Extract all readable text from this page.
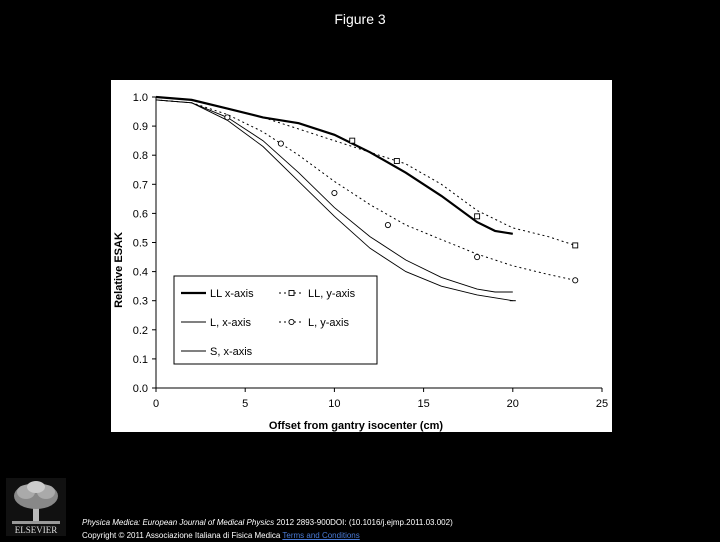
Figure 3
0	5	10	15	20	25
0.0
0.1
0.2
0.3
0.4
0.5
0.6
0.7
0.8
0.9
1.0
LL x-axis	LL, y-axis
L, x-axis	L, y-axis
S, x-axis
Offset from gantry isocenter (cm)
Relative ESAK
ELSEVIER
Physica Medica: European Journal of Medical Physics 2012 2893-900DOI: (10.1016/j.ejmp.2011.03.002)
Copyright © 2011 Associazione Italiana di Fisica Medica Terms and Conditions
